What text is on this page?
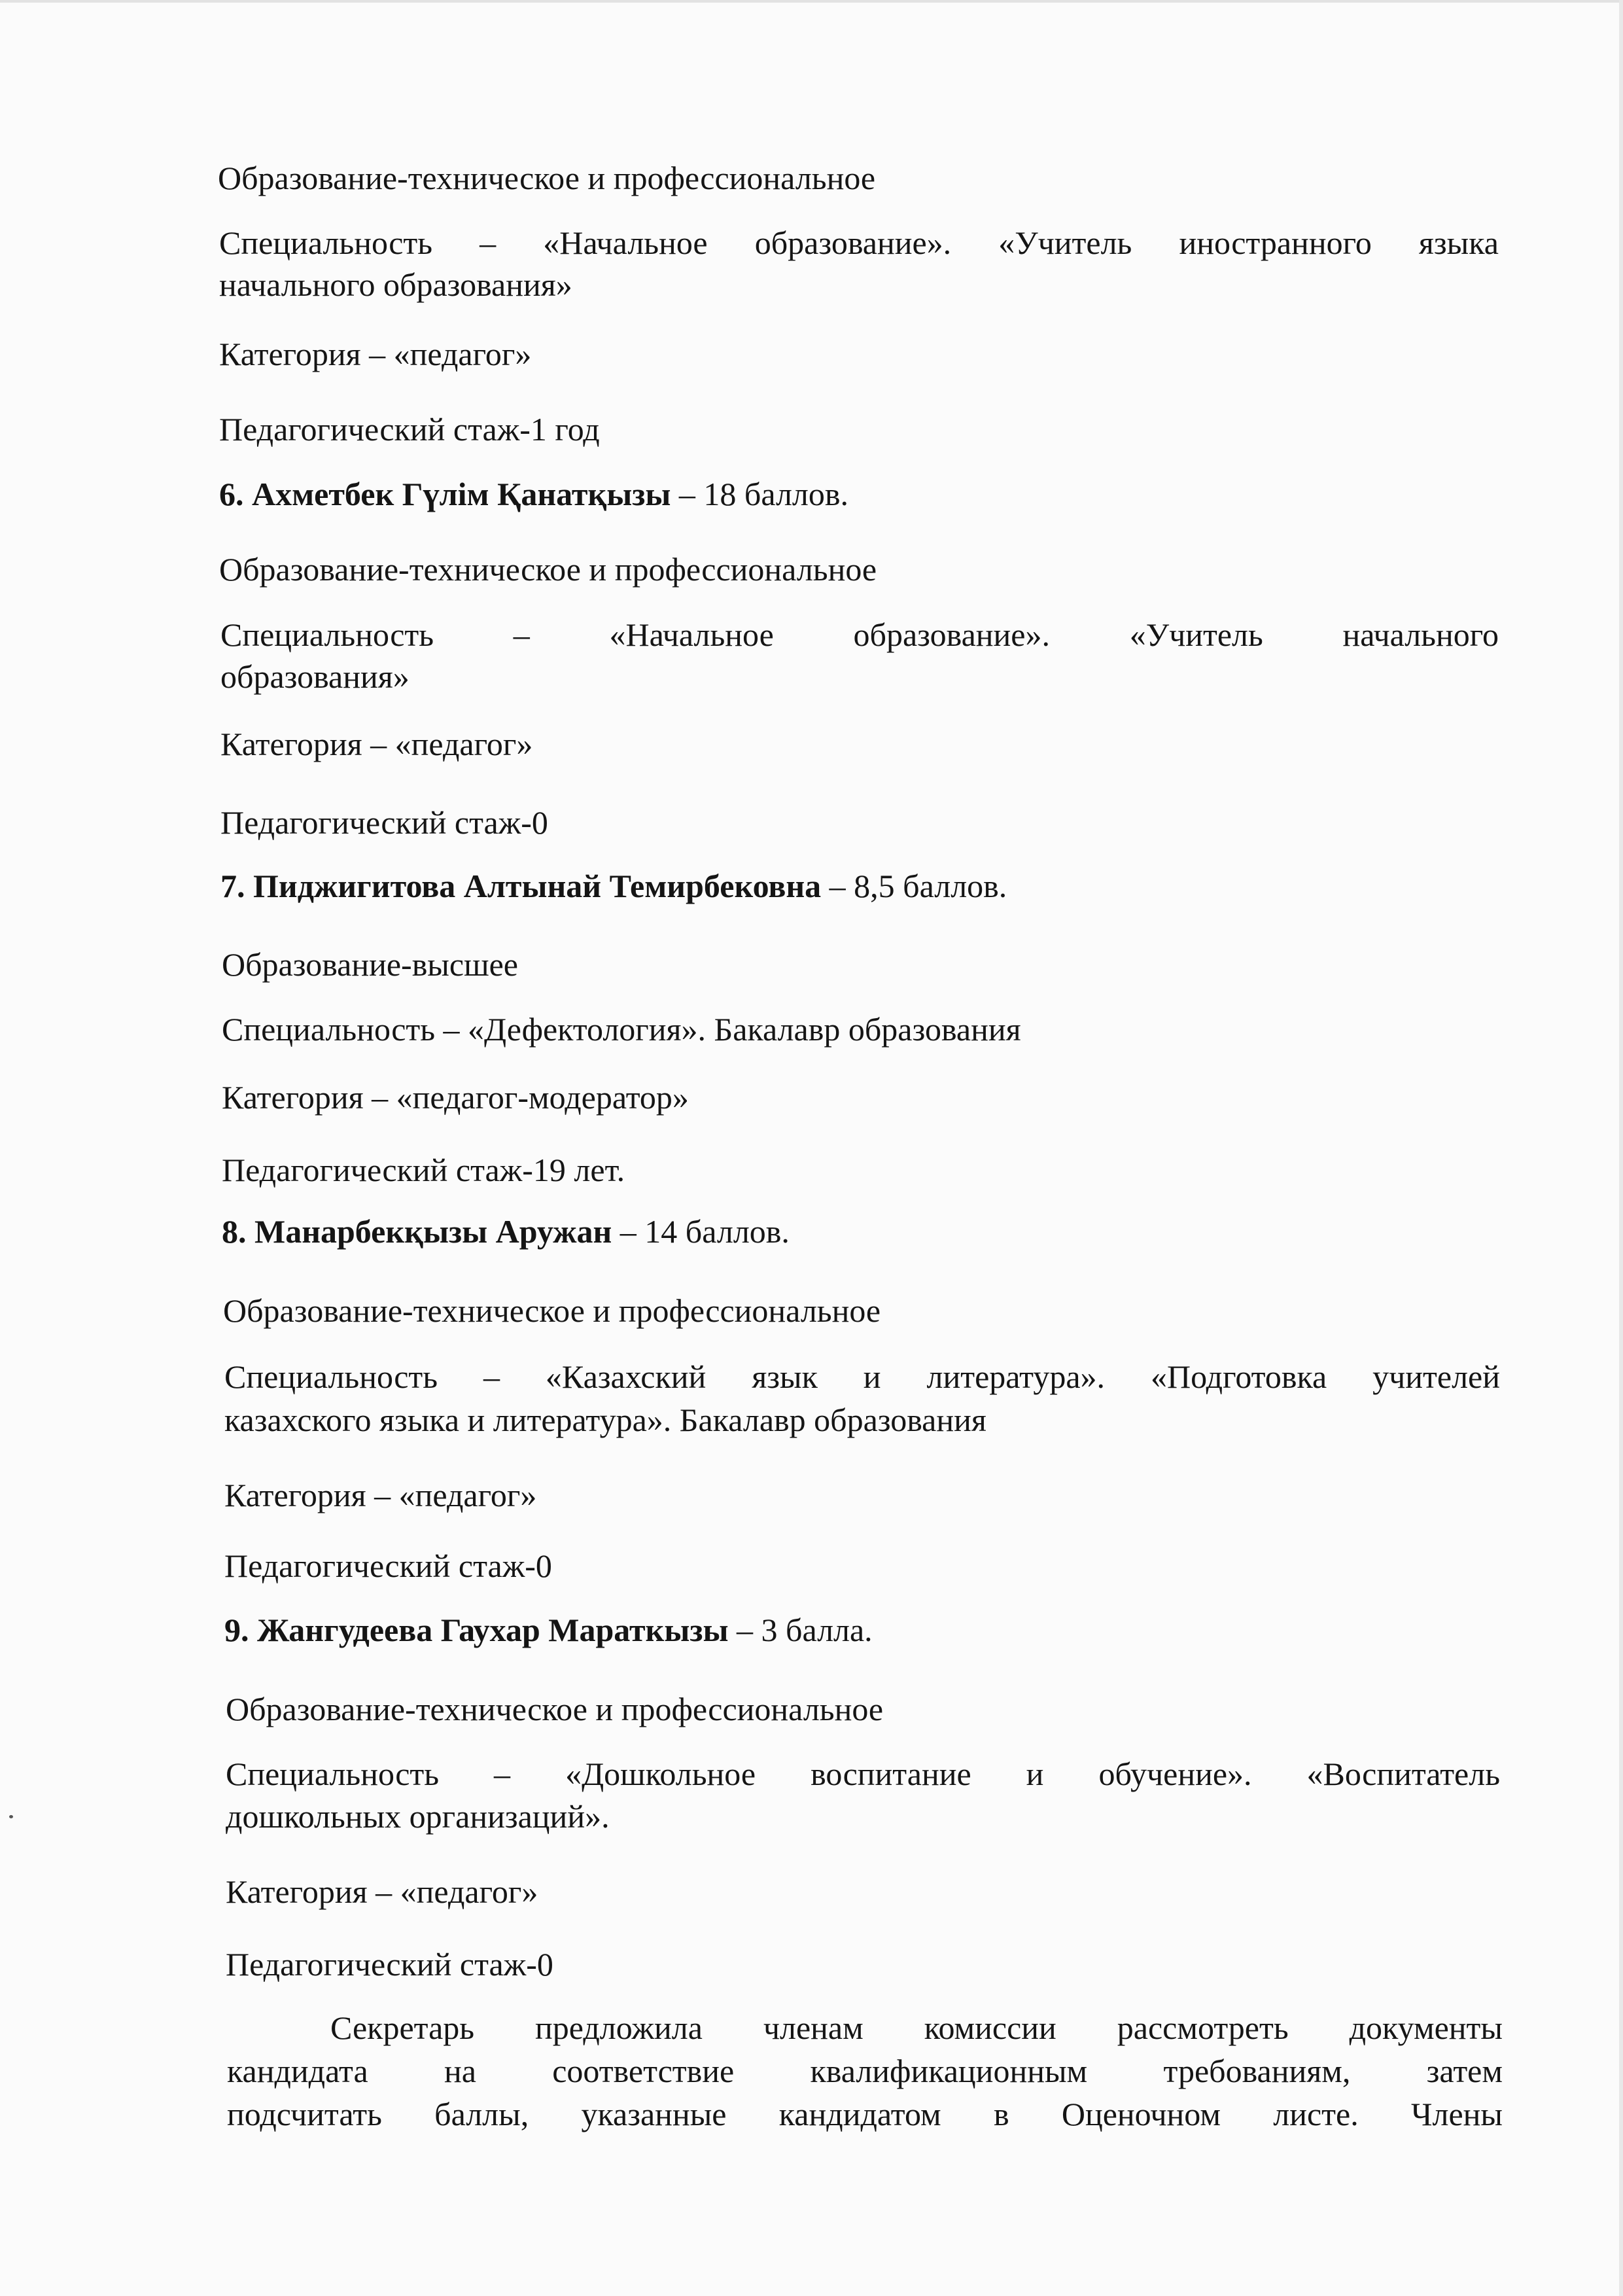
Образование-техническое и профессиональное
Специальность – «Начальное образование». «Учитель иностранного языка
начального образования»
Категория – «педагог»
Педагогический стаж-1 год
6. Ахметбек Гүлім Қанатқызы – 18 баллов.
Образование-техническое и профессиональное
Специальность – «Начальное образование». «Учитель начального
образования»
Категория – «педагог»
Педагогический стаж-0
7. Пиджигитова Алтынай Темирбековна – 8,5 баллов.
Образование-высшее
Специальность – «Дефектология». Бакалавр образования
Категория – «педагог-модератор»
Педагогический стаж-19 лет.
8. Манарбекқызы Аружан – 14 баллов.
Образование-техническое и профессиональное
Специальность – «Казахский язык и литература». «Подготовка учителей
казахского языка и литература». Бакалавр образования
Категория – «педагог»
Педагогический стаж-0
9. Жангудеева Гаухар Мараткызы – 3 балла.
Образование-техническое и профессиональное
Специальность – «Дошкольное воспитание и обучение». «Воспитатель
дошкольных организаций».
Категория – «педагог»
Педагогический стаж-0
Секретарь предложила членам комиссии рассмотреть документы
кандидата на соответствие квалификационным требованиям, затем
подсчитать баллы, указанные кандидатом в Оценочном листе. Члены
